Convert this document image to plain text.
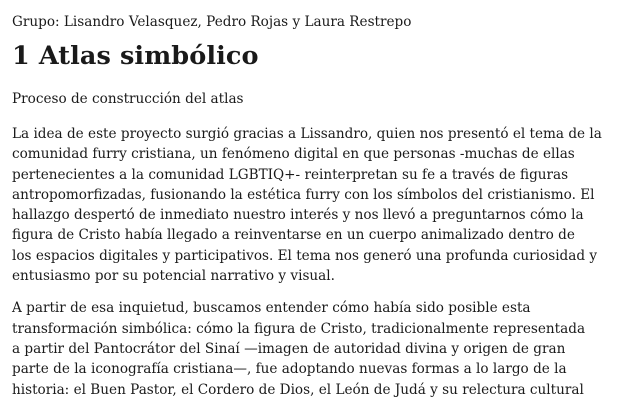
Grupo: Lisandro Velasquez, Pedro Rojas y Laura Restrepo

1 Atlas simbólico

Proceso de construcción del atlas

La idea de este proyecto surgió gracias a Lissandro, quien nos presentó el tema de la
comunidad furry cristiana, un fenómeno digital en que personas -muchas de ellas
pertenecientes a la comunidad LGBTIQ+- reinterpretan su fe a través de figuras
antropomorfizadas, fusionando la estética furry con los símbolos del cristianismo. El
hallazgo despertó de inmediato nuestro interés y nos llevó a preguntarnos cómo la
figura de Cristo había llegado a reinventarse en un cuerpo animalizado dentro de
los espacios digitales y participativos. El tema nos generó una profunda curiosidad y
entusiasmo por su potencial narrativo y visual.

A partir de esa inquietud, buscamos entender cómo había sido posible esta
transformación simbólica: cómo la figura de Cristo, tradicionalmente representada
a partir del Pantocrátor del Sinaí —imagen de autoridad divina y origen de gran
parte de la iconografía cristiana—, fue adoptando nuevas formas a lo largo de la
historia: el Buen Pastor, el Cordero de Dios, el León de Judá y su relectura cultural
